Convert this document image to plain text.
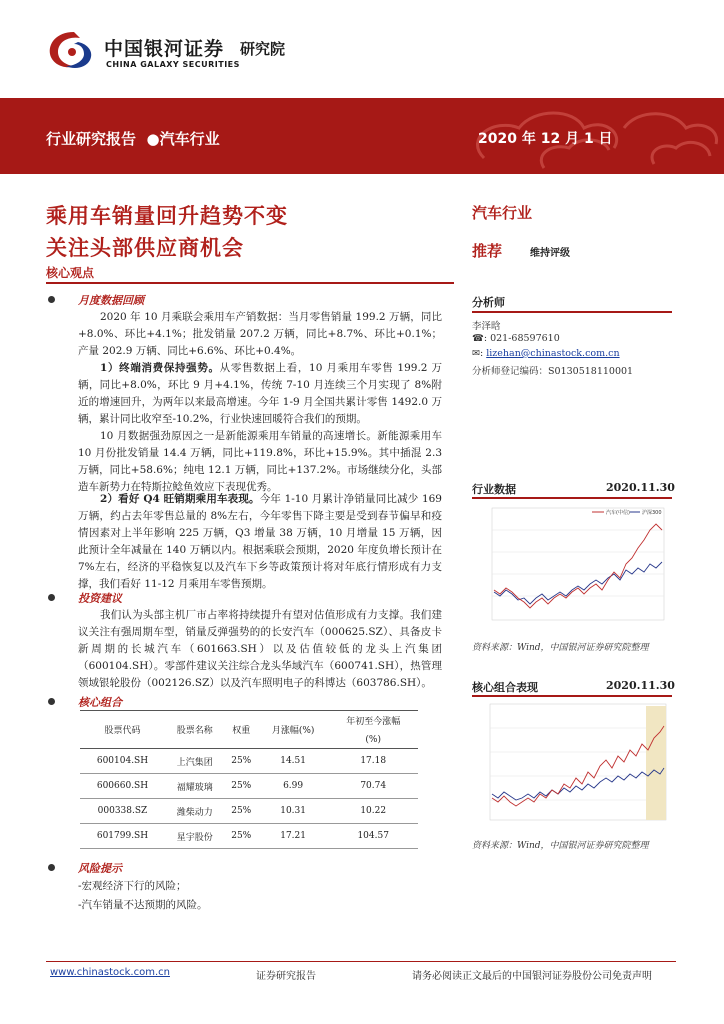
中国银河证券 研究院
CHINA GALAXY SECURITIES
行业研究报告 ●汽车行业	2020 年 12 月 1 日
乘用车销量回升趋势不变
关注头部供应商机会
核心观点
月度数据回顾
2020 年 10 月乘联会乘用车产销数据：当月零售销量 199.2 万辆，同比+8.0%、环比+4.1%；批发销量 207.2 万辆，同比+8.7%、环比+0.1%；产量 202.9 万辆、同比+6.6%、环比+0.4%。
1）终端消费保持强势。从零售数据上看，10 月乘用车零售 199.2 万辆，同比+8.0%，环比 9 月+4.1%，传统 7-10 月连续三个月实现了 8%附近的增速回升，为两年以来最高增速。今年 1-9 月全国共累计零售 1492.0 万辆，累计同比收窄至-10.2%，行业快速回暖符合我们的预期。
10 月数据强劲原因之一是新能源乘用车销量的高速增长。新能源乘用车 10 月份批发销量 14.4 万辆，同比+119.8%，环比+15.9%。其中插混 2.3 万辆，同比+58.6%；纯电 12.1 万辆，同比+137.2%。市场继续分化，头部造车新势力在特斯拉鲶鱼效应下表现优秀。
2）看好 Q4 旺销期乘用车表现。今年 1-10 月累计净销量同比减少 169 万辆，约占去年零售总量的 8%左右，今年零售下降主要是受到春节偏早和疫情因素对上半年影响 225 万辆，Q3 增量 38 万辆，10 月增量 15 万辆，因此预计全年减量在 140 万辆以内。根据乘联会预期，2020 年度负增长预计在 7%左右，经济的平稳恢复以及汽车下乡等政策预计将对年底行情形成有力支撑，我们看好 11-12 月乘用车零售预期。
投资建议
我们认为头部主机厂市占率将持续提升有望对估值形成有力支撑。我们建议关注有强周期车型，销量反弹强势的的长安汽车（000625.SZ）、具备皮卡新周期的长城汽车（601663.SH）以及估值较低的龙头上汽集团（600104.SH）。零部件建议关注综合龙头华域汽车（600741.SH），热管理领域银轮股份（002126.SZ）以及汽车照明电子的科博达（603786.SH）。
核心组合
股票代码	股票名称	权重	月涨幅(%)	年初至今涨幅
(%)

600104.SH	上汽集团	25%	14.51	17.18
600660.SH	福耀玻璃	25%	6.99	70.74
000338.SZ	潍柴动力	25%	10.31	10.22
601799.SH	星宇股份	25%	17.21	104.57
风险提示
-宏观经济下行的风险；
-汽车销量不达预期的风险。
汽车行业
推荐	维持评级
分析师
李泽晗
☎: 021-68597610
✉: lizehan@chinastock.com.cn
分析师登记编码：S0130518110001
行业数据	2020.11.30
汽车(中信) 沪深300
资料来源：Wind，中国银河证券研究院整理
核心组合表现	2020.11.30
资料来源：Wind，中国银河证券研究院整理
www.chinastock.com.cn	证券研究报告	请务必阅读正文最后的中国银河证券股份公司免责声明
